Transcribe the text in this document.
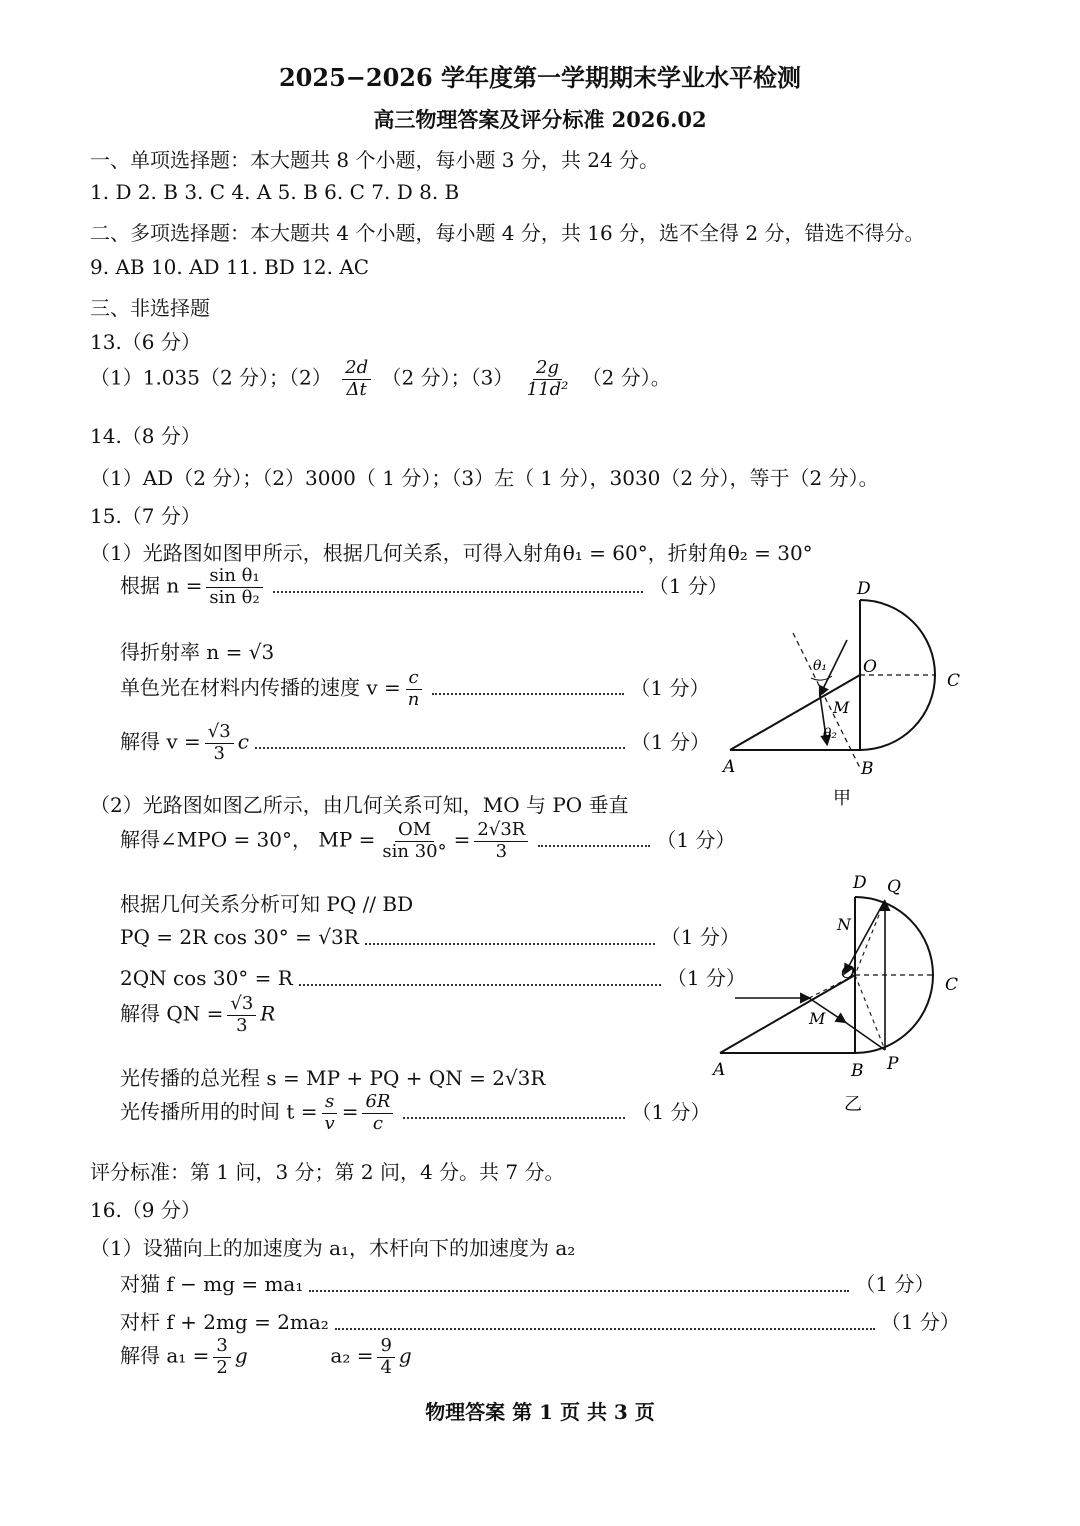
2025−2026 学年度第一学期期末学业水平检测
高三物理答案及评分标准 2026.02
一、单项选择题：本大题共 8 个小题，每小题 3 分，共 24 分。
1. D 2. B 3. C 4. A 5. B 6. C 7. D 8. B
二、多项选择题：本大题共 4 个小题，每小题 4 分，共 16 分，选不全得 2 分，错选不得分。
9. AB 10. AD 11. BD 12. AC
三、非选择题
13.（6 分）
（1）1.035（2 分）；$(2) \frac{2d}{\Delta t} (2$ 分）；$(3) \frac{2g}{\text{11d²}} (2$ 分）。
14.（8 分）
（1）AD（2 分）；（2）3000（ 1 分）；（3）左（ 1 分），3030（2 分），等于（2 分）。
15.（7 分）
（1）光路图如图甲所示，根据几何关系，可得入射角θ₁ = 60°，折射角θ₂ = 30°
根据 $n = \frac{\text{sin θ₁}}{\text{sin θ₂}}$	（1 分）
得折射率 n = √3
单色光在材料内传播的速度 $v = \frac{c}{n}$	（1 分）
解得 $v = \frac{√3}{3}$ c	（1 分）
（2）光路图如图乙所示，由几何关系可知，MO 与 PO 垂直
解得∠MPO = 30°， MP = $\frac{OM}{\sin 30^\circ} = \frac{2√3R}{3}$	（1 分）
根据几何关系分析可知 PQ // BD
PQ = 2R cos 30° = √3R	（1 分）
2QN cos 30° = R	（1 分）
解得 QN = $\frac{√3}{3}$ R
光传播的总光程 s = MP + PQ + QN = 2√3R
光传播所用的时间 $t = \frac{s}{v} = \frac{6R}{c}$	（1 分）
评分标准：第 1 问，3 分；第 2 问，4 分。共 7 分。
16.（9 分）
（1）设猫向上的加速度为 a₁，木杆向下的加速度为 a₂
对猫 f − mg = ma₁	（1 分）
对杆 f + 2mg = 2ma₂	（1 分）
解得 $a_1 = \frac{3}{2}$ g	$a_2 = \frac{9}{4}$ g
物理答案 第 1 页 共 3 页
D
O
C
M
θ₁
θ₂
A	B
甲
D Q
N
O
C
M
A	B P
乙
